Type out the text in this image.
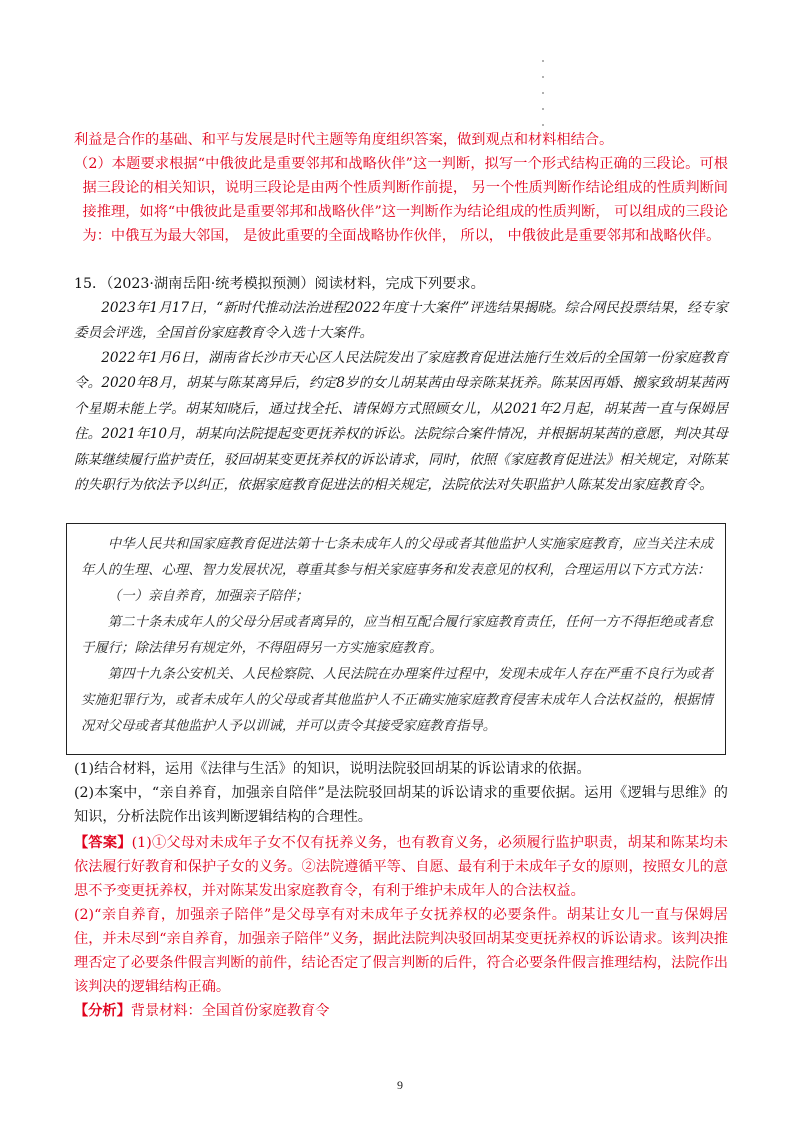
利益是合作的基础、和平与发展是时代主题等角度组织答案，做到观点和材料相结合。

（2）本题要求根据“中俄彼此是重要邻邦和战略伙伴”这一判断，拟写一个形式结构正确的三段论。可根据三段论的相关知识，说明三段论是由两个性质判断作前提， 另一个性质判断作结论组成的性质判断间接推理，如将“中俄彼此是重要邻邦和战略伙伴”这一判断作为结论组成的性质判断， 可以组成的三段论为：中俄互为最大邻国， 是彼此重要的全面战略协作伙伴， 所以， 中俄彼此是重要邻邦和战略伙伴。

15．（2023·湖南岳阳·统考模拟预测）阅读材料，完成下列要求。

2023年1月17日，“新时代推动法治进程2022年度十大案件”评选结果揭晓。综合网民投票结果，经专家委员会评选，全国首份家庭教育令入选十大案件。

2022年1月6日，湖南省长沙市天心区人民法院发出了家庭教育促进法施行生效后的全国第一份家庭教育令。2020年8月，胡某与陈某离异后，约定8岁的女儿胡某茜由母亲陈某抚养。陈某因再婚、搬家致胡某茜两个星期未能上学。胡某知晓后，通过找全托、请保姆方式照顾女儿，从2021年2月起，胡某茜一直与保姆居住。2021年10月，胡某向法院提起变更抚养权的诉讼。法院综合案件情况，并根据胡某茜的意愿，判决其母陈某继续履行监护责任，驳回胡某变更抚养权的诉讼请求，同时，依照《家庭教育促进法》相关规定，对陈某的失职行为依法予以纠正，依据家庭教育促进法的相关规定，法院依法对失职监护人陈某发出家庭教育令。

中华人民共和国家庭教育促进法第十七条未成年人的父母或者其他监护人实施家庭教育，应当关注未成年人的生理、心理、智力发展状况，尊重其参与相关家庭事务和发表意见的权利，合理运用以下方式方法：

（一）亲自养育，加强亲子陪伴；

第二十条未成年人的父母分居或者离异的，应当相互配合履行家庭教育责任，任何一方不得拒绝或者怠于履行；除法律另有规定外，不得阻碍另一方实施家庭教育。

第四十九条公安机关、人民检察院、人民法院在办理案件过程中，发现未成年人存在严重不良行为或者实施犯罪行为，或者未成年人的父母或者其他监护人不正确实施家庭教育侵害未成年人合法权益的，根据情况对父母或者其他监护人予以训诫，并可以责令其接受家庭教育指导。

(1)结合材料，运用《法律与生活》的知识，说明法院驳回胡某的诉讼请求的依据。

(2)本案中，“亲自养育，加强亲自陪伴”是法院驳回胡某的诉讼请求的重要依据。运用《逻辑与思维》的知识，分析法院作出该判断逻辑结构的合理性。

【答案】(1)①父母对未成年子女不仅有抚养义务，也有教育义务，必须履行监护职责，胡某和陈某均未依法履行好教育和保护子女的义务。②法院遵循平等、自愿、最有利于未成年子女的原则，按照女儿的意思不予变更抚养权，并对陈某发出家庭教育令，有利于维护未成年人的合法权益。

(2)“亲自养育，加强亲子陪伴”是父母享有对未成年子女抚养权的必要条件。胡某让女儿一直与保姆居住，并未尽到“亲自养育，加强亲子陪伴”义务，据此法院判决驳回胡某变更抚养权的诉讼请求。该判决推理否定了必要条件假言判断的前件，结论否定了假言判断的后件，符合必要条件假言推理结构，法院作出该判决的逻辑结构正确。

【分析】背景材料：全国首份家庭教育令

9
